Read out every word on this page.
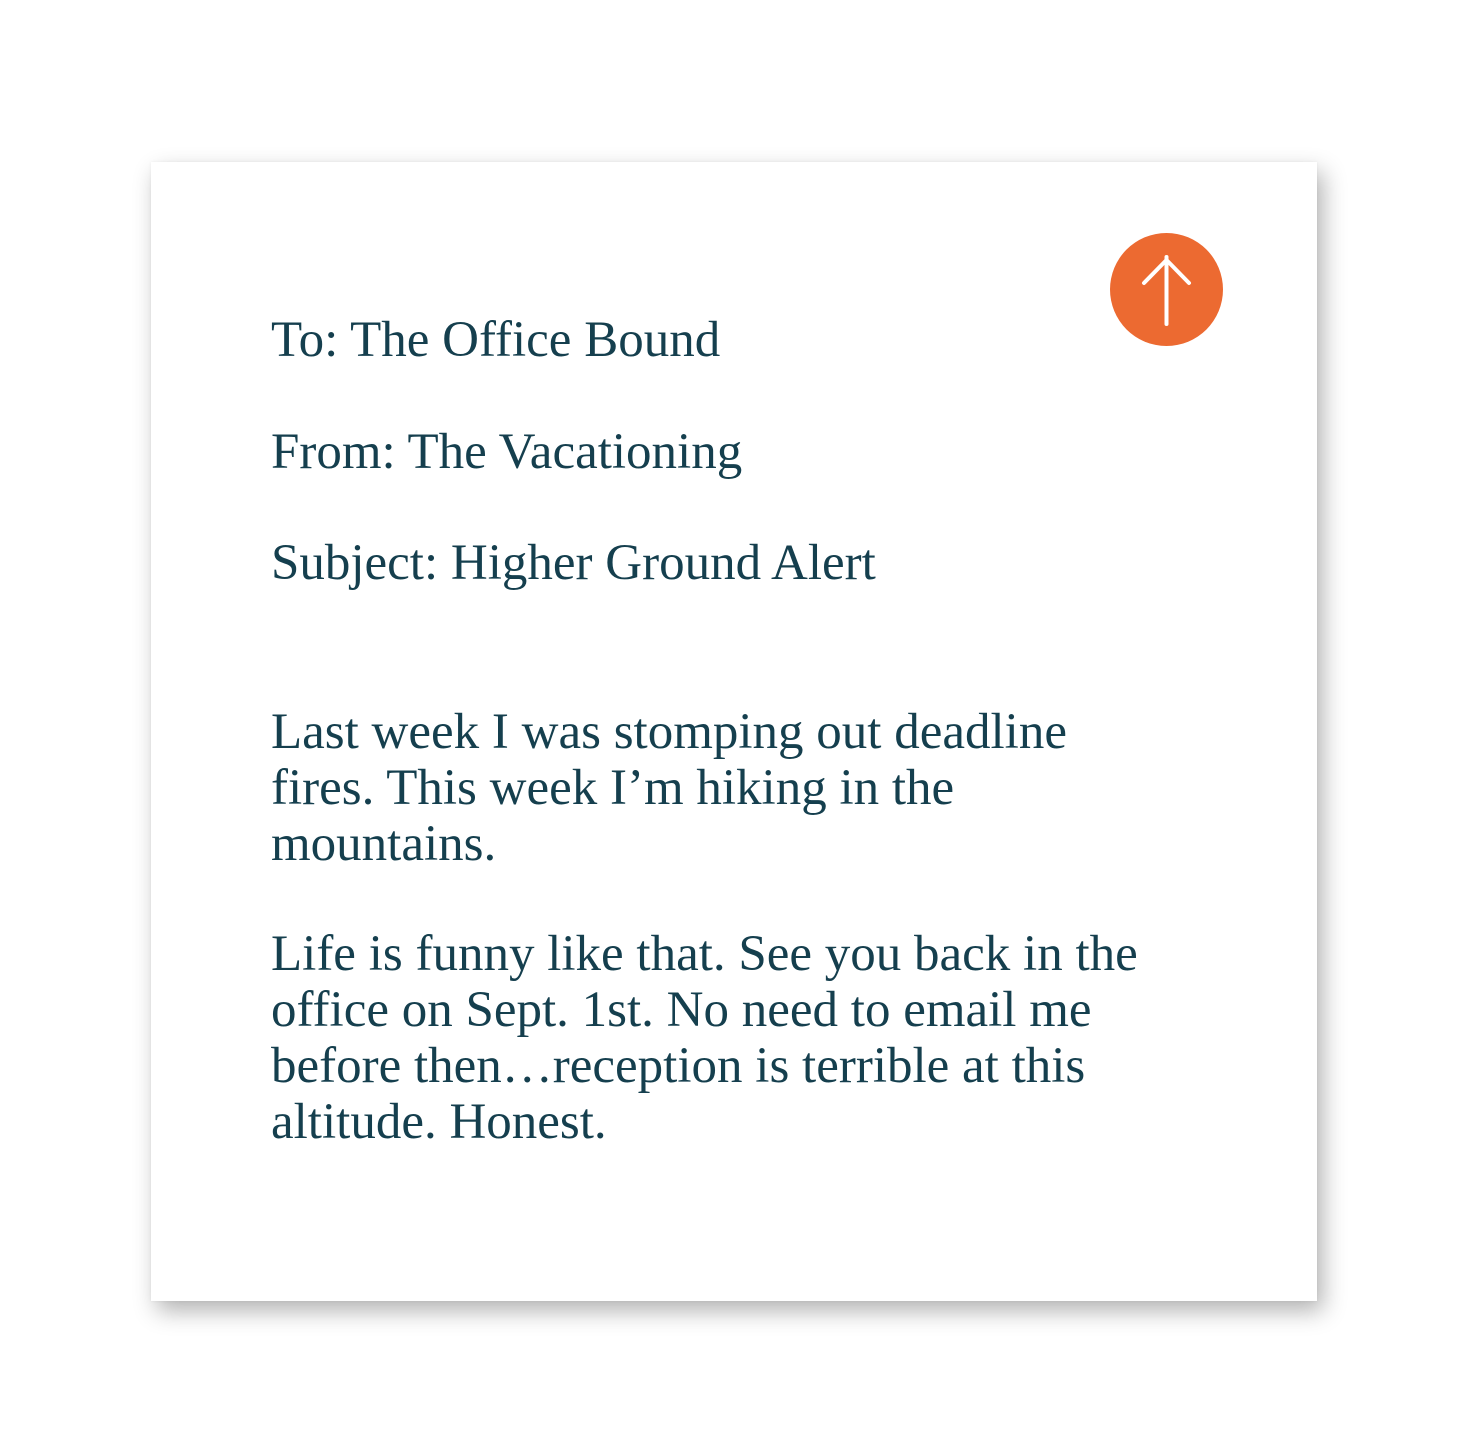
To: The Office Bound

From: The Vacationing

Subject: Higher Ground Alert

Last week I was stomping out deadline fires. This week I’m hiking in the mountains.

Life is funny like that. See you back in the office on Sept. 1st. No need to email me before then…reception is terrible at this altitude. Honest.
